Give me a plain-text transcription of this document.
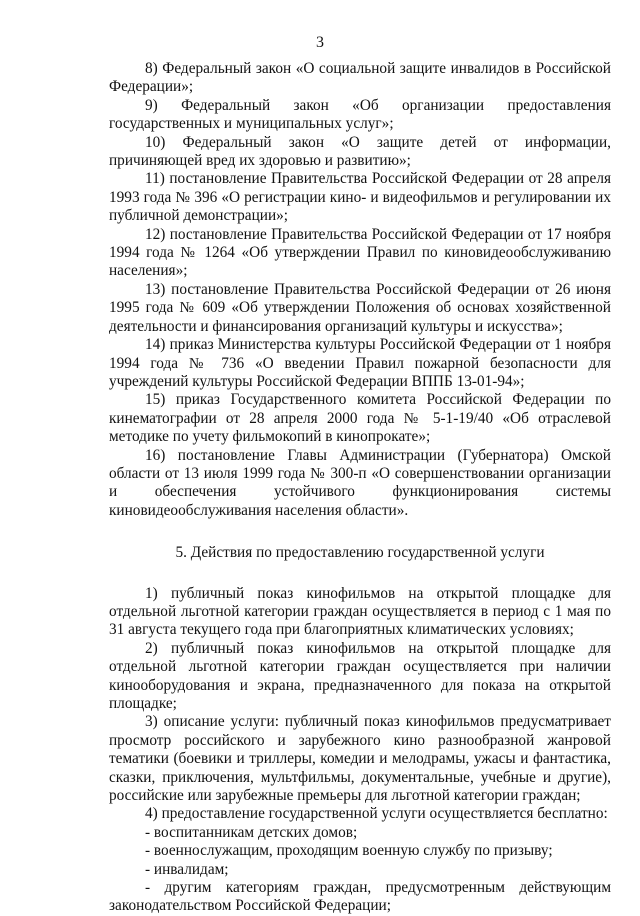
3

8) Федеральный закон «О социальной защите инвалидов в Российской Федерации»;

9) Федеральный закон «Об организации предоставления государственных и муниципальных услуг»;

10) Федеральный закон «О защите детей от информации, причиняющей вред их здоровью и развитию»;

11) постановление Правительства Российской Федерации от 28 апреля 1993 года № 396 «О регистрации кино- и видеофильмов и регулировании их публичной демонстрации»;

12) постановление Правительства Российской Федерации от 17 ноября 1994 года № 1264 «Об утверждении Правил по киновидеообслуживанию населения»;

13) постановление Правительства Российской Федерации от 26 июня 1995 года № 609 «Об утверждении Положения об основах хозяйственной деятельности и финансирования организаций культуры и искусства»;

14) приказ Министерства культуры Российской Федерации от 1 ноября 1994 года № 736 «О введении Правил пожарной безопасности для учреждений культуры Российской Федерации ВППБ 13-01-94»;

15) приказ Государственного комитета Российской Федерации по кинематографии от 28 апреля 2000 года № 5-1-19/40 «Об отраслевой методике по учету фильмокопий в кинопрокате»;

16) постановление Главы Администрации (Губернатора) Омской области от 13 июля 1999 года № 300-п «О совершенствовании организации и обеспечения устойчивого функционирования системы киновидеообслуживания населения области».

5. Действия по предоставлению государственной услуги

1) публичный показ кинофильмов на открытой площадке для отдельной льготной категории граждан осуществляется в период с 1 мая по 31 августа текущего года при благоприятных климатических условиях;

2) публичный показ кинофильмов на открытой площадке для отдельной льготной категории граждан осуществляется при наличии кинооборудования и экрана, предназначенного для показа на открытой площадке;

3) описание услуги: публичный показ кинофильмов предусматривает просмотр российского и зарубежного кино разнообразной жанровой тематики (боевики и триллеры, комедии и мелодрамы, ужасы и фантастика, сказки, приключения, мультфильмы, документальные, учебные и другие), российские или зарубежные премьеры для льготной категории граждан;

4) предоставление государственной услуги осуществляется бесплатно:

- воспитанникам детских домов;

- военнослужащим, проходящим военную службу по призыву;

- инвалидам;

- другим категориям граждан, предусмотренным действующим законодательством Российской Федерации;
